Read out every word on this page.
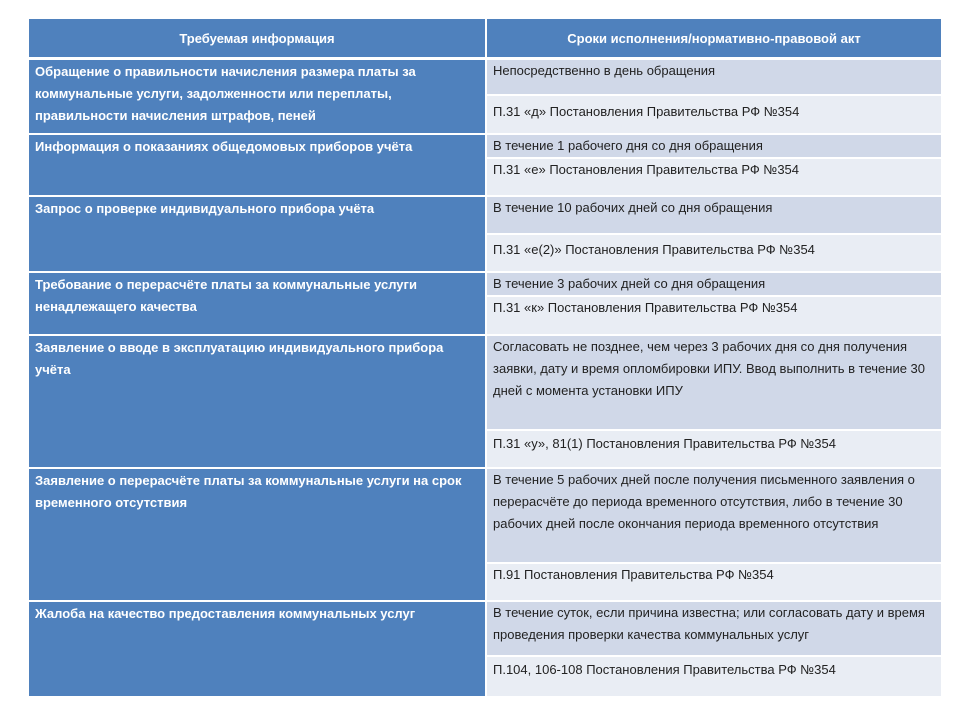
Требуемая информация	Сроки исполнения/нормативно-правовой акт
Обращение о правильности начисления размера платы за коммунальные услуги, задолженности или переплаты, правильности начисления штрафов, пеней	Непосредственно в день обращения
	П.31 «д» Постановления Правительства РФ №354
Информация о показаниях общедомовых приборов учёта	В течение 1 рабочего дня со дня обращения
	П.31 «е» Постановления Правительства РФ №354
Запрос о проверке индивидуального прибора учёта	В течение 10 рабочих дней со дня обращения
	П.31 «е(2)» Постановления Правительства РФ №354
Требование о перерасчёте платы за коммунальные услуги ненадлежащего качества	В течение 3 рабочих дней со дня обращения
	П.31 «к» Постановления Правительства РФ №354
Заявление о вводе в эксплуатацию индивидуального прибора учёта	Согласовать не позднее, чем через 3 рабочих дня со дня получения заявки, дату и время опломбировки ИПУ. Ввод выполнить в течение 30 дней с момента установки ИПУ
	П.31 «у», 81(1) Постановления Правительства РФ №354
Заявление о перерасчёте платы за коммунальные услуги на срок временного отсутствия	В течение 5 рабочих дней после получения письменного заявления о перерасчёте до периода временного отсутствия, либо в течение 30 рабочих дней после окончания периода временного отсутствия
	П.91 Постановления Правительства РФ №354
Жалоба на качество предоставления коммунальных услуг	В течение суток, если причина известна; или согласовать дату и время проведения проверки качества коммунальных услуг
	П.104, 106-108 Постановления Правительства РФ №354
